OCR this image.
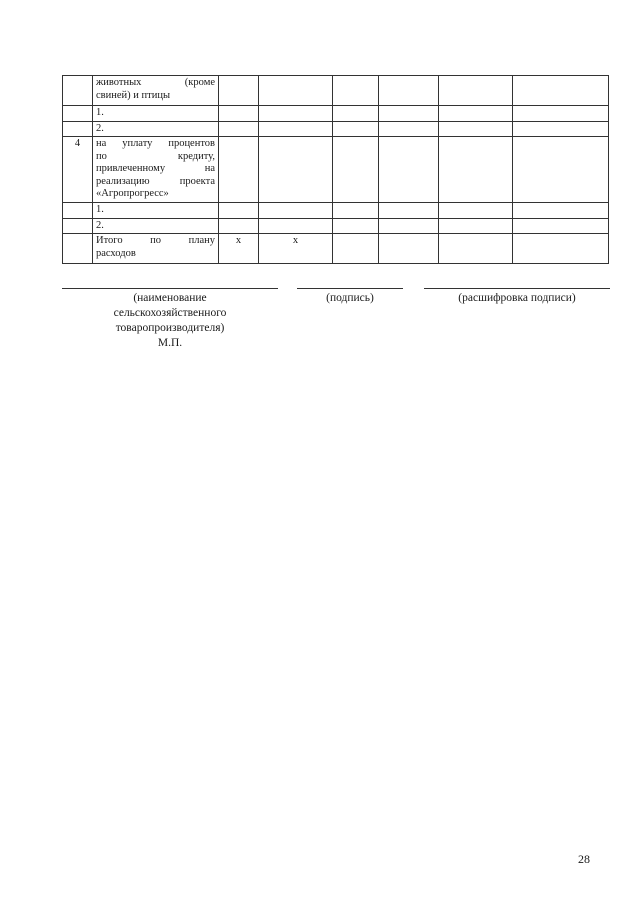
	животных (кроме
свиней) и птицы						

	1.						
	2.						
4	на уплату процентов
по кредиту,
привлеченному на
реализацию проекта
«Агропрогресс»						

	1.						
	2.						

	Итого по плану
расходов	x	x				
(наименование
сельскохозяйственного
товаропроизводителя)
М.П.
(подпись)	(расшифровка подписи)
28
